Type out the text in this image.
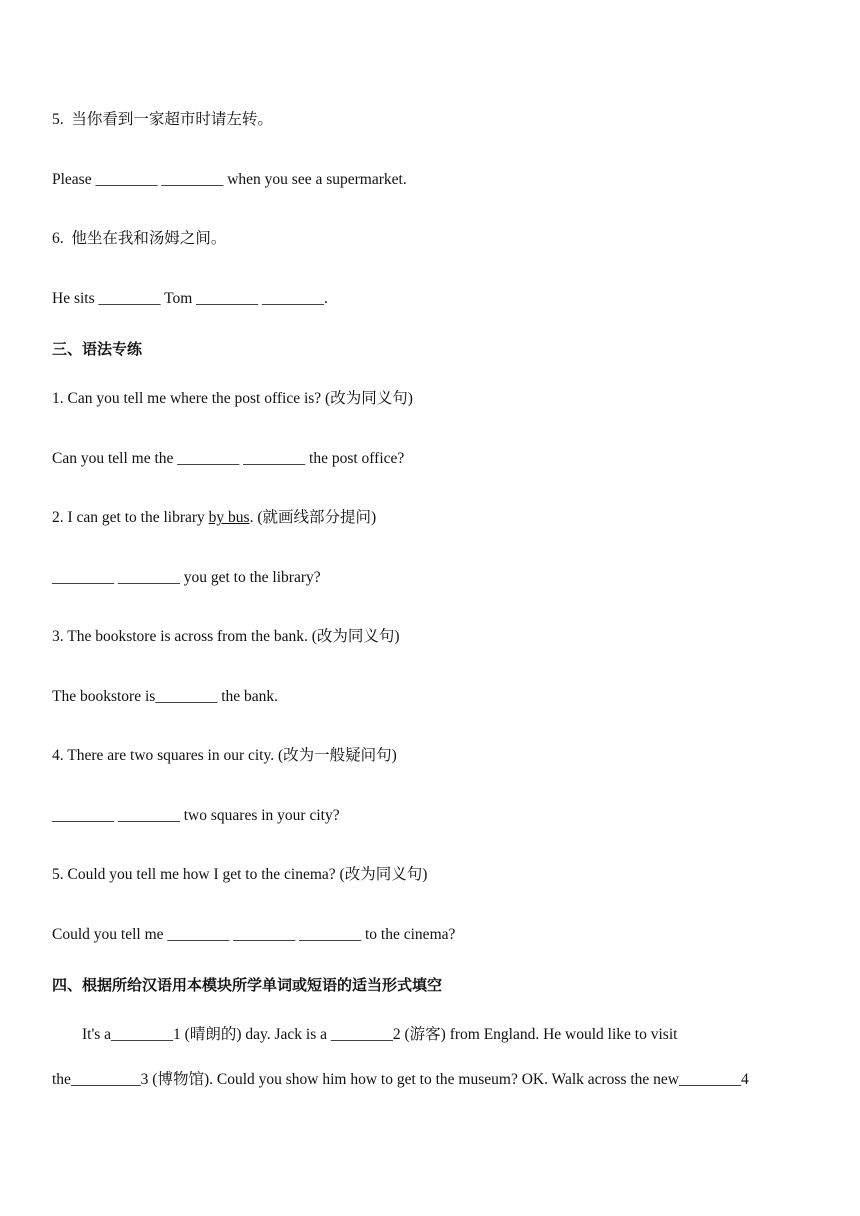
5.  当你看到一家超市时请左转。
Please ________ ________ when you see a supermarket.
6.  他坐在我和汤姆之间。
He sits ________ Tom ________ ________.
三、语法专练
1. Can you tell me where the post office is? (改为同义句)
Can you tell me the ________ ________ the post office?
2. I can get to the library by bus. (就画线部分提问)
________ ________ you get to the library?
3. The bookstore is across from the bank. (改为同义句)
The bookstore is________ the bank.
4. There are two squares in our city. (改为一般疑问句)
________ ________ two squares in your city?
5. Could you tell me how I get to the cinema? (改为同义句)
Could you tell me ________ ________ ________ to the cinema?
四、根据所给汉语用本模块所学单词或短语的适当形式填空
It's a________1 (晴朗的) day. Jack is a ________2 (游客) from England. He would like to visit
the_________3 (博物馆). Could you show him how to get to the museum? OK. Walk across the new________4
